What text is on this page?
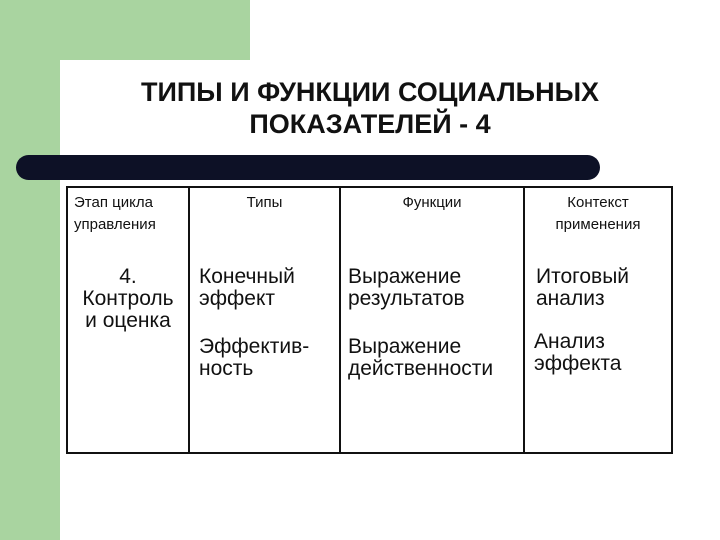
ТИПЫ И ФУНКЦИИ СОЦИАЛЬНЫХ
ПОКАЗАТЕЛЕЙ - 4

Этап цикла
управления

Типы	Функции	Контекст
применения

4.
Контроль
и оценка

Конечный
эффект

Выражение
результатов

Итоговый
анализ

Эффектив-
ность

Выражение
действенности

Анализ
эффекта
